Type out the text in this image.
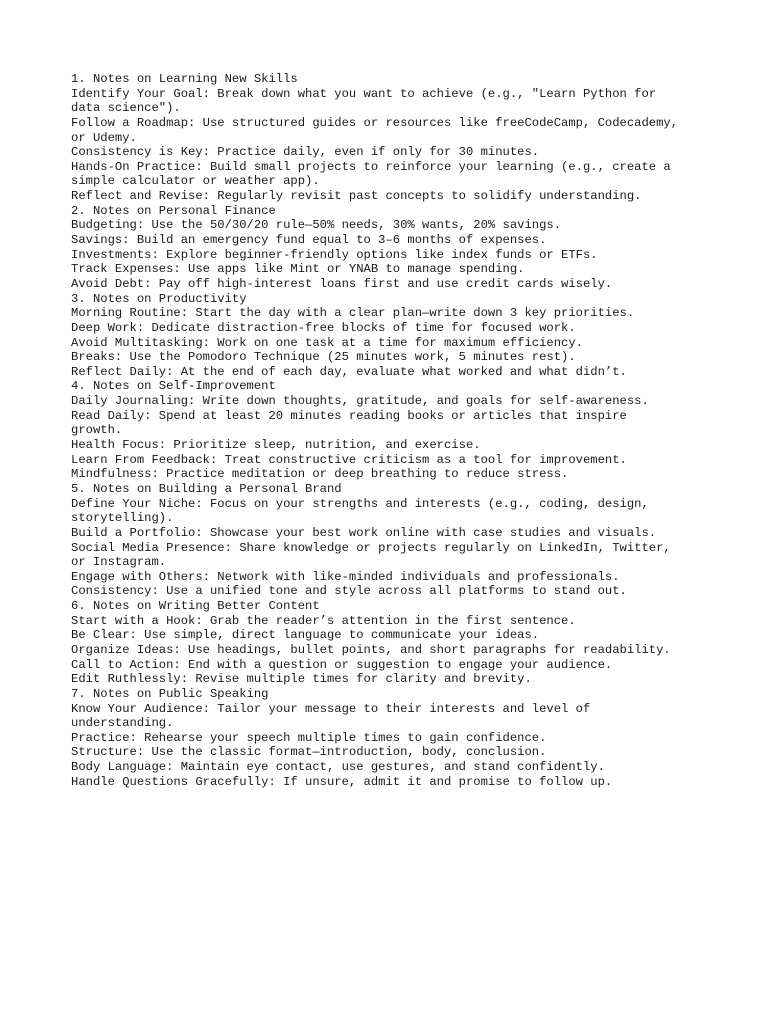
1. Notes on Learning New Skills
Identify Your Goal: Break down what you want to achieve (e.g., "Learn Python for
data science").
Follow a Roadmap: Use structured guides or resources like freeCodeCamp, Codecademy,
or Udemy.
Consistency is Key: Practice daily, even if only for 30 minutes.
Hands-On Practice: Build small projects to reinforce your learning (e.g., create a
simple calculator or weather app).
Reflect and Revise: Regularly revisit past concepts to solidify understanding.
2. Notes on Personal Finance
Budgeting: Use the 50/30/20 rule—50% needs, 30% wants, 20% savings.
Savings: Build an emergency fund equal to 3–6 months of expenses.
Investments: Explore beginner-friendly options like index funds or ETFs.
Track Expenses: Use apps like Mint or YNAB to manage spending.
Avoid Debt: Pay off high-interest loans first and use credit cards wisely.
3. Notes on Productivity
Morning Routine: Start the day with a clear plan—write down 3 key priorities.
Deep Work: Dedicate distraction-free blocks of time for focused work.
Avoid Multitasking: Work on one task at a time for maximum efficiency.
Breaks: Use the Pomodoro Technique (25 minutes work, 5 minutes rest).
Reflect Daily: At the end of each day, evaluate what worked and what didn’t.
4. Notes on Self-Improvement
Daily Journaling: Write down thoughts, gratitude, and goals for self-awareness.
Read Daily: Spend at least 20 minutes reading books or articles that inspire
growth.
Health Focus: Prioritize sleep, nutrition, and exercise.
Learn From Feedback: Treat constructive criticism as a tool for improvement.
Mindfulness: Practice meditation or deep breathing to reduce stress.
5. Notes on Building a Personal Brand
Define Your Niche: Focus on your strengths and interests (e.g., coding, design,
storytelling).
Build a Portfolio: Showcase your best work online with case studies and visuals.
Social Media Presence: Share knowledge or projects regularly on LinkedIn, Twitter,
or Instagram.
Engage with Others: Network with like-minded individuals and professionals.
Consistency: Use a unified tone and style across all platforms to stand out.
6. Notes on Writing Better Content
Start with a Hook: Grab the reader’s attention in the first sentence.
Be Clear: Use simple, direct language to communicate your ideas.
Organize Ideas: Use headings, bullet points, and short paragraphs for readability.
Call to Action: End with a question or suggestion to engage your audience.
Edit Ruthlessly: Revise multiple times for clarity and brevity.
7. Notes on Public Speaking
Know Your Audience: Tailor your message to their interests and level of
understanding.
Practice: Rehearse your speech multiple times to gain confidence.
Structure: Use the classic format—introduction, body, conclusion.
Body Language: Maintain eye contact, use gestures, and stand confidently.
Handle Questions Gracefully: If unsure, admit it and promise to follow up.
